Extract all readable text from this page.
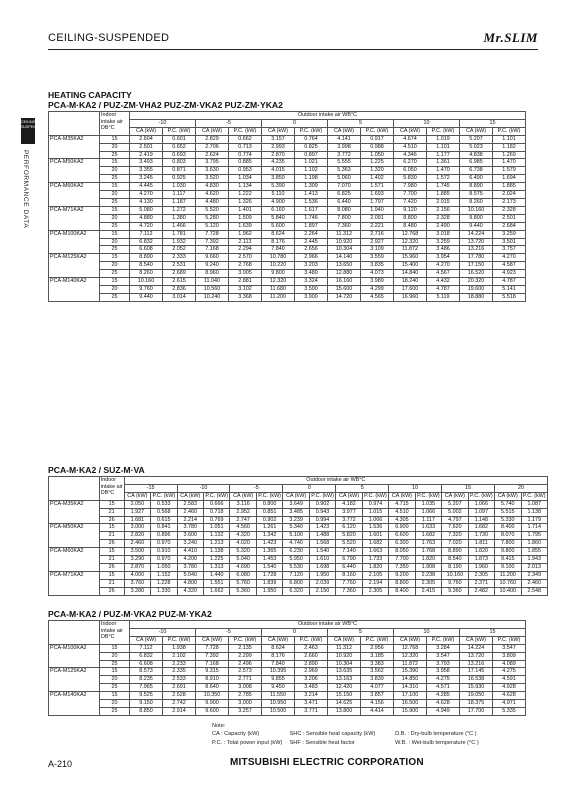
CEILING-SUSPENDED	Mr.SLIM
CEILING SUSPENDED
PERFORMANCE DATA
HEATING CAPACITY
PCA-M·KA2 / PUZ-ZM·VHA2 PUZ-ZM·VKA2 PUZ-ZM·YKA2

	Indoor
intake air
DB°C	Outdoor intake air WB°C											
		-10		-5		0		5		10		15	
		CA (kW)	P.C. (kW)	CA (kW)	P.C. (kW)	CA (kW)	P.C. (kW)	CA (kW)	P.C. (kW)	CA (kW)	P.C. (kW)	CA (kW)	P.C. (kW)
PCA-M35KA2	15	2.604	0.601	2.829	0.662	3.157	0.764	4.141	0.917	4.674	1.019	5.207	1.101
	20	2.501	0.652	2.706	0.713	2.993	0.825	3.998	0.988	4.510	1.101	5.023	1.182
	25	2.419	0.693	2.624	0.774	2.870	0.897	3.772	1.050	4.346	1.177	4.838	1.269
PCA-M50KA2	15	3.493	0.803	3.795	0.885	4.235	1.021	5.555	1.225	6.270	1.361	6.985	1.470
	20	3.355	0.871	3.630	0.953	4.015	1.102	5.363	1.320	6.050	1.470	6.738	1.579
	25	3.245	0.925	3.520	1.034	3.850	1.198	5.060	1.402	5.830	1.572	6.490	1.694
PCA-M60KA2	15	4.445	1.030	4.830	1.134	5.390	1.309	7.070	1.571	7.980	1.745	8.890	1.885
	20	4.270	1.117	4.620	1.222	5.110	1.413	6.825	1.693	7.700	1.885	8.575	2.024
	25	4.130	1.187	4.480	1.326	4.900	1.536	6.440	1.797	7.420	2.015	8.260	2.173
PCA-M71KA2	15	5.080	1.272	5.520	1.401	6.160	1.617	8.080	1.940	9.120	2.156	10.160	2.328
	20	4.880	1.380	5.280	1.509	5.840	1.746	7.800	2.091	8.800	2.328	9.800	2.501
	25	4.720	1.466	5.120	1.639	5.600	1.897	7.360	2.221	8.480	2.490	9.440	2.684
PCA-M100KA2	15	7.112	1.781	7.728	1.962	8.624	2.264	11.312	2.716	12.768	3.018	14.224	3.259
	20	6.832	1.932	7.392	2.113	8.176	2.445	10.920	2.927	12.320	3.259	13.720	3.501
	25	6.608	2.052	7.168	2.294	7.840	2.656	10.304	3.109	11.872	3.486	13.216	3.757
PCA-M125KA2	15	8.890	2.333	9.660	2.570	10.780	2.966	14.140	3.559	15.960	3.954	17.780	4.270
	20	8.540	2.531	9.240	2.768	10.220	3.203	13.650	3.835	15.400	4.270	17.150	4.587
	25	8.260	2.689	8.960	3.005	9.800	3.480	12.880	4.073	14.840	4.567	16.520	4.923
PCA-M140KA2	15	10.160	2.615	11.040	2.881	12.320	3.324	16.160	3.989	18.240	4.432	20.320	4.787
	20	9.760	2.836	10.560	3.102	11.680	3.590	15.600	4.299	17.600	4.787	19.600	5.141
	25	9.440	3.014	10.240	3.368	11.200	3.900	14.720	4.565	16.960	5.119	18.880	5.518
PCA-M·KA2 / SUZ-M·VA

	Indoor
intake air
DB°C	Outdoor intake air WB°C															
		-15		-10		-5		0		5		10		15		20	
		CA (kW)	P.C. (kW)	CA (kW)	P.C. (kW)	CA (kW)	P.C. (kW)	CA (kW)	P.C. (kW)	CA (kW)	P.C. (kW)	CA (kW)	P.C. (kW)	CA (kW)	P.C. (kW)	CA (kW)	P.C. (kW)
PCA-M35KA2	15	2.050	0.533	2.583	0.666	3.116	0.800	3.649	0.902	4.182	0.974	4.715	1.035	5.207	1.066	5.740	1.087
	21	1.927	0.568	2.460	0.718	2.952	0.851	3.485	0.943	3.977	1.015	4.510	1.066	5.002	1.097	5.515	1.138
	26	1.681	0.615	2.214	0.769	2.747	0.902	3.239	0.994	3.772	1.066	4.305	1.117	4.797	1.148	5.330	1.179
PCA-M50KA2	15	3.000	0.841	3.780	1.051	4.560	1.261	5.340	1.423	6.120	1.536	6.900	1.633	7.620	1.682	8.400	1.714
	21	2.820	0.896	3.600	1.132	4.320	1.342	5.100	1.488	5.820	1.601	6.600	1.682	7.320	1.730	8.070	1.795
	26	2.460	0.970	3.240	1.213	4.020	1.423	4.740	1.568	5.520	1.682	6.300	1.763	7.020	1.811	7.800	1.860
PCA-M60KA2	15	3.500	0.910	4.410	1.138	5.320	1.365	6.230	1.540	7.140	1.663	8.050	1.768	8.890	1.820	9.800	1.855
	21	3.290	0.970	4.200	1.225	5.040	1.453	5.950	1.610	6.790	1.733	7.700	1.820	8.540	1.873	9.415	1.943
	26	2.870	1.050	3.780	1.313	4.690	1.540	5.530	1.698	6.440	1.820	7.350	1.908	8.190	1.960	9.100	2.013
PCA-M71KA2	15	4.000	1.152	5.040	1.440	6.080	1.728	7.120	1.950	8.160	2.105	9.200	2.238	10.160	2.305	11.200	2.349
	21	3.760	1.228	4.800	1.551	5.760	1.839	6.800	2.039	7.760	2.194	8.800	2.305	9.760	2.371	10.760	2.460
	26	3.280	1.330	4.320	1.662	5.360	1.950	6.320	2.150	7.360	2.305	8.400	2.415	9.360	2.482	10.400	2.548
PCA-M·KA2 / PUZ-M·VKA2 PUZ-M·YKA2

	Indoor
intake air
DB°C	Outdoor intake air WB°C											
		-10		-5		0		5		10		15	
		CA (kW)	P.C. (kW)	CA (kW)	P.C. (kW)	CA (kW)	P.C. (kW)	CA (kW)	P.C. (kW)	CA (kW)	P.C. (kW)	CA (kW)	P.C. (kW)
PCA-M100KA2	15	7.112	1.938	7.728	2.135	8.624	2.463	11.312	2.956	12.768	3.284	14.224	3.547
	20	6.832	2.102	7.392	2.299	8.176	2.660	10.920	3.185	12.320	3.547	13.720	3.809
	25	6.608	2.233	7.168	2.496	7.840	2.890	10.304	3.383	11.872	3.793	13.216	4.089
PCA-M125KA2	15	8.573	2.335	9.315	2.573	10.395	2.969	13.635	3.562	15.390	3.958	17.145	4.275
	20	8.235	2.533	8.910	2.771	9.855	3.206	13.163	3.839	14.850	4.275	16.538	4.591
	25	7.965	2.691	8.640	3.008	9.450	3.483	12.420	4.077	14.310	4.571	15.930	4.928
PCA-M140KA2	15	9.525	2.528	10.350	2.785	11.550	3.214	15.150	3.857	17.100	4.285	19.050	4.628
	20	9.150	2.742	9.900	3.000	10.950	3.471	14.625	4.156	16.500	4.628	18.375	4.971
	25	8.850	2.914	9.600	3.257	10.500	3.771	13.800	4.414	15.900	4.949	17.700	5.335
Note:
CA : Capacity (kW)	SHC : Sensible heat capacity (kW)	D.B. : Dry-bulb temperature (°C )
P.C. : Total power input (kW) SHF : Sensible heat factor	W.B. : Wet-bulb temperature (°C )
A-210	MITSUBISHI ELECTRIC CORPORATION
